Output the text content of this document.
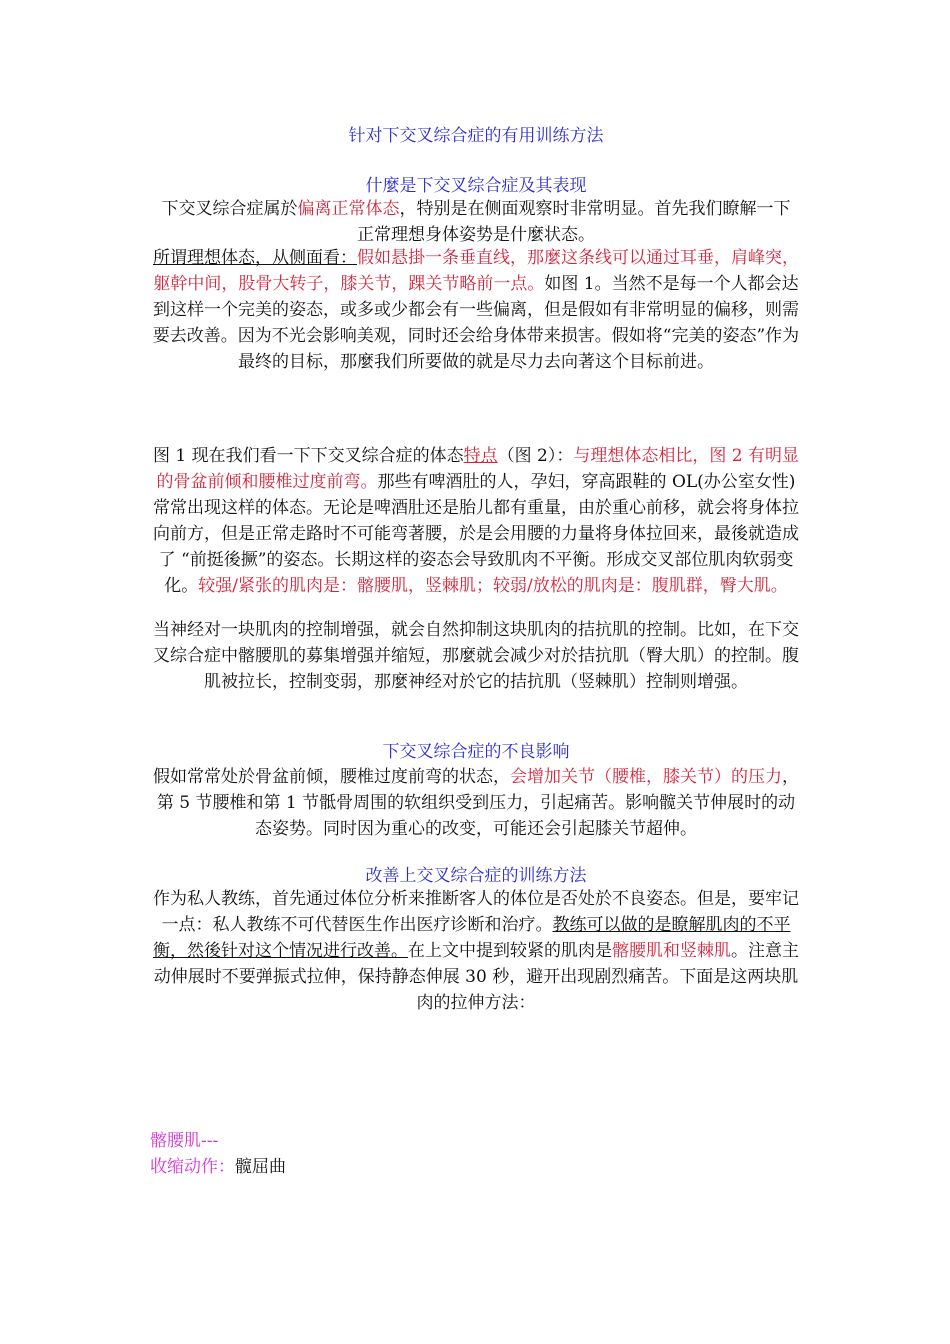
针对下交叉综合症的有用训练方法

什麼是下交叉综合症及其表现

下交叉综合症属於偏离正常体态，特别是在侧面观察时非常明显。首先我们瞭解一下正常理想身体姿势是什麼状态。

所谓理想体态，从侧面看：假如悬掛一条垂直线，那麼这条线可以通过耳垂，肩峰突，躯幹中间，股骨大转子，膝关节，踝关节略前一点。如图 1。当然不是每一个人都会达到这样一个完美的姿态，或多或少都会有一些偏离，但是假如有非常明显的偏移，则需要去改善。因为不光会影响美观，同时还会给身体带来损害。假如将“完美的姿态”作为最终的目标，那麼我们所要做的就是尽力去向著这个目标前进。

图 1 现在我们看一下下交叉综合症的体态特点（图 2）：与理想体态相比，图 2 有明显的骨盆前倾和腰椎过度前弯。那些有啤酒肚的人，孕妇，穿高跟鞋的 OL(办公室女性)常常出现这样的体态。无论是啤酒肚还是胎儿都有重量，由於重心前移，就会将身体拉向前方，但是正常走路时不可能弯著腰，於是会用腰的力量将身体拉回来，最後就造成了 “前挺後撅”的姿态。长期这样的姿态会导致肌肉不平衡。形成交叉部位肌肉软弱变化。较强/紧张的肌肉是：髂腰肌，竖棘肌；较弱/放松的肌肉是：腹肌群，臀大肌。

当神经对一块肌肉的控制增强，就会自然抑制这块肌肉的拮抗肌的控制。比如，在下交叉综合症中髂腰肌的募集增强并缩短，那麼就会减少对於拮抗肌（臀大肌）的控制。腹肌被拉长，控制变弱，那麼神经对於它的拮抗肌（竖棘肌）控制则增强。

下交叉综合症的不良影响

假如常常处於骨盆前倾，腰椎过度前弯的状态，会增加关节（腰椎，膝关节）的压力，第 5 节腰椎和第 1 节骶骨周围的软组织受到压力，引起痛苦。影响髋关节伸展时的动态姿势。同时因为重心的改变，可能还会引起膝关节超伸。

改善上交叉综合症的训练方法

作为私人教练，首先通过体位分析来推断客人的体位是否处於不良姿态。但是，要牢记一点：私人教练不可代替医生作出医疗诊断和治疗。教练可以做的是瞭解肌肉的不平衡，然後针对这个情况进行改善。在上文中提到较紧的肌肉是髂腰肌和竖棘肌。注意主动伸展时不要弹振式拉伸，保持静态伸展 30 秒，避开出现剧烈痛苦。下面是这两块肌肉的拉伸方法：

髂腰肌---

收缩动作：髋屈曲
